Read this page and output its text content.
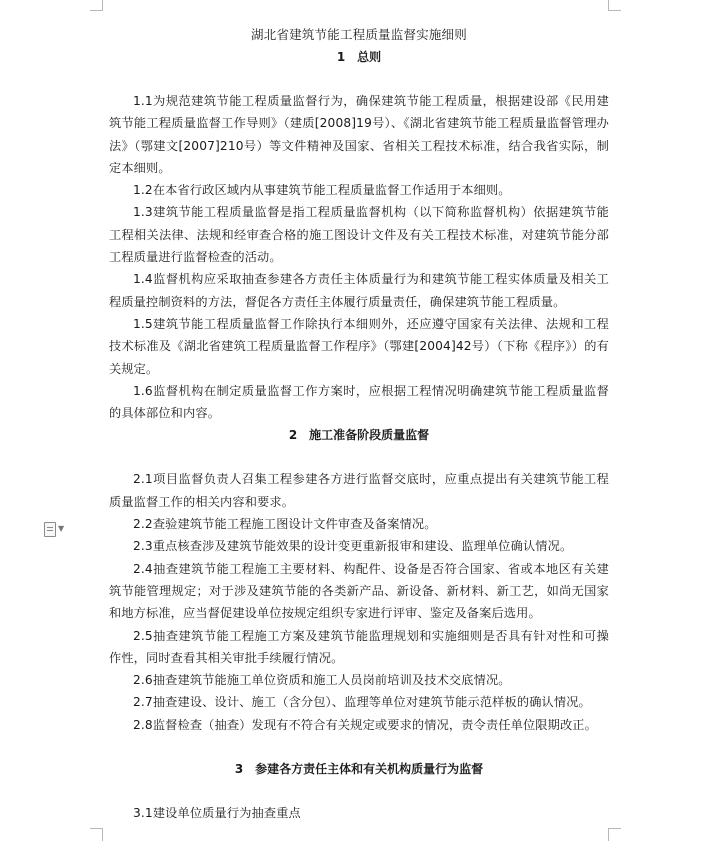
▼
湖北省建筑节能工程质量监督实施细则
1　总则

1.1为规范建筑节能工程质量监督行为，确保建筑节能工程质量，根据建设部《民用建筑节能工程质量监督工作导则》（建质[2008]19号）、《湖北省建筑节能工程质量监督管理办法》（鄂建文[2007]210号）等文件精神及国家、省相关工程技术标准，结合我省实际，制定本细则。

1.2在本省行政区域内从事建筑节能工程质量监督工作适用于本细则。

1.3建筑节能工程质量监督是指工程质量监督机构（以下简称监督机构）依据建筑节能工程相关法律、法规和经审查合格的施工图设计文件及有关工程技术标准，对建筑节能分部工程质量进行监督检查的活动。

1.4监督机构应采取抽查参建各方责任主体质量行为和建筑节能工程实体质量及相关工程质量控制资料的方法，督促各方责任主体履行质量责任，确保建筑节能工程质量。

1.5建筑节能工程质量监督工作除执行本细则外，还应遵守国家有关法律、法规和工程技术标准及《湖北省建筑工程质量监督工作程序》（鄂建[2004]42号）（下称《程序》）的有关规定。

1.6监督机构在制定质量监督工作方案时，应根据工程情况明确建筑节能工程质量监督的具体部位和内容。

2　施工准备阶段质量监督

2.1项目监督负责人召集工程参建各方进行监督交底时，应重点提出有关建筑节能工程质量监督工作的相关内容和要求。

2.2查验建筑节能工程施工图设计文件审查及备案情况。

2.3重点核查涉及建筑节能效果的设计变更重新报审和建设、监理单位确认情况。

2.4抽查建筑节能工程施工主要材料、构配件、设备是否符合国家、省或本地区有关建筑节能管理规定；对于涉及建筑节能的各类新产品、新设备、新材料、新工艺，如尚无国家和地方标准，应当督促建设单位按规定组织专家进行评审、鉴定及备案后选用。

2.5抽查建筑节能工程施工方案及建筑节能监理规划和实施细则是否具有针对性和可操作性，同时查看其相关审批手续履行情况。

2.6抽查建筑节能施工单位资质和施工人员岗前培训及技术交底情况。

2.7抽查建设、设计、施工（含分包）、监理等单位对建筑节能示范样板的确认情况。

2.8监督检查（抽查）发现有不符合有关规定或要求的情况，责令责任单位限期改正。

3　参建各方责任主体和有关机构质量行为监督

3.1建设单位质量行为抽查重点
